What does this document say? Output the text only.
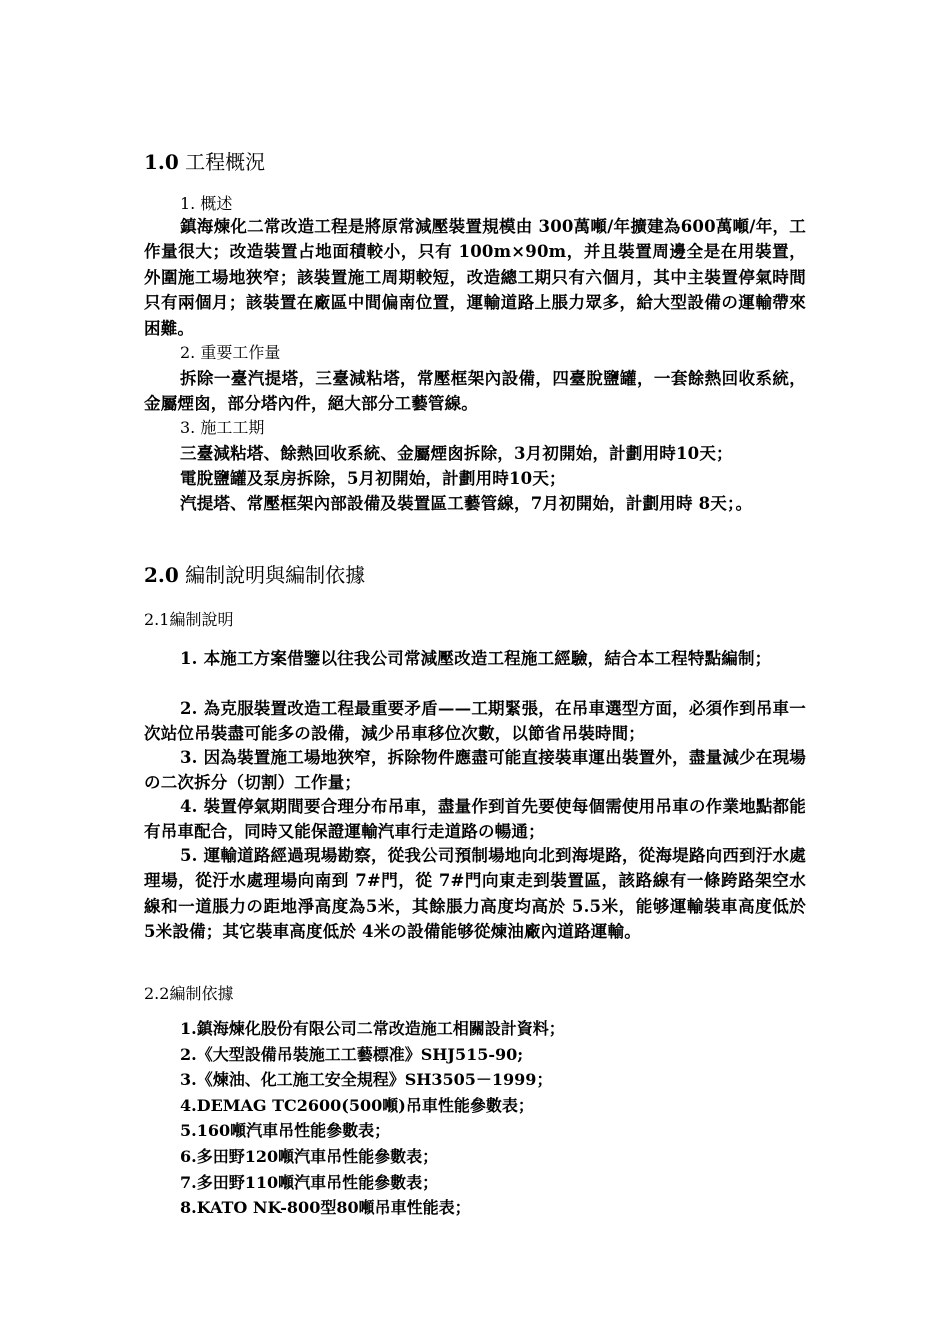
1.0 工程概況
1. 概述

鎮海煉化二常改造工程是將原常減壓裝置規模由 300萬噸/年擴建為600萬噸/年，工作量很大；改造裝置占地面積較小，只有 100m×90m，并且裝置周邊全是在用裝置，外圍施工場地狹窄；該裝置施工周期較短，改造總工期只有六個月，其中主裝置停氣時間只有兩個月；該裝置在廠區中間偏南位置，運輸道路上脹力眾多，給大型設備の運輸帶來困難。

2. 重要工作量

拆除一臺汽提塔，三臺減粘塔，常壓框架內設備，四臺脫鹽罐，一套餘熱回收系統，金屬煙囪，部分塔內件，絕大部分工藝管線。

3. 施工工期

三臺減粘塔、餘熱回收系統、金屬煙囪拆除，3月初開始，計劃用時10天；

電脫鹽罐及泵房拆除，5月初開始，計劃用時10天；

汽提塔、常壓框架內部設備及裝置區工藝管線，7月初開始，計劃用時 8天；。

2.0 編制說明與編制依據
2.1編制說明

1. 本施工方案借鑒以往我公司常減壓改造工程施工經驗，結合本工程特點編制；

2. 為克服裝置改造工程最重要矛盾——工期緊張，在吊車選型方面，必須作到吊車一次站位吊裝盡可能多の設備，減少吊車移位次數，以節省吊裝時間；

3. 因為裝置施工場地狹窄，拆除物件應盡可能直接裝車運出裝置外，盡量減少在現場の二次拆分（切割）工作量；

4. 裝置停氣期間要合理分布吊車，盡量作到首先要使每個需使用吊車の作業地點都能有吊車配合，同時又能保證運輸汽車行走道路の暢通；

5. 運輸道路經過現場勘察，從我公司預制場地向北到海堤路，從海堤路向西到汙水處理場，從汙水處理場向南到 7#門，從 7#門向東走到裝置區，該路線有一條跨路架空水線和一道脹力の距地淨高度為5米，其餘脹力高度均高於 5.5米，能够運輸裝車高度低於 5米設備；其它裝車高度低於 4米の設備能够從煉油廠內道路運輸。

2.2編制依據
1.鎮海煉化股份有限公司二常改造施工相關設計資料；
2.《大型設備吊裝施工工藝標准》SHJ515-90;
3.《煉油、化工施工安全規程》SH3505－1999；
4.DEMAG TC2600(500噸)吊車性能參數表；
5.160噸汽車吊性能參數表；
6.多田野120噸汽車吊性能參數表；
7.多田野110噸汽車吊性能參數表；
8.KATO NK-800型80噸吊車性能表；
